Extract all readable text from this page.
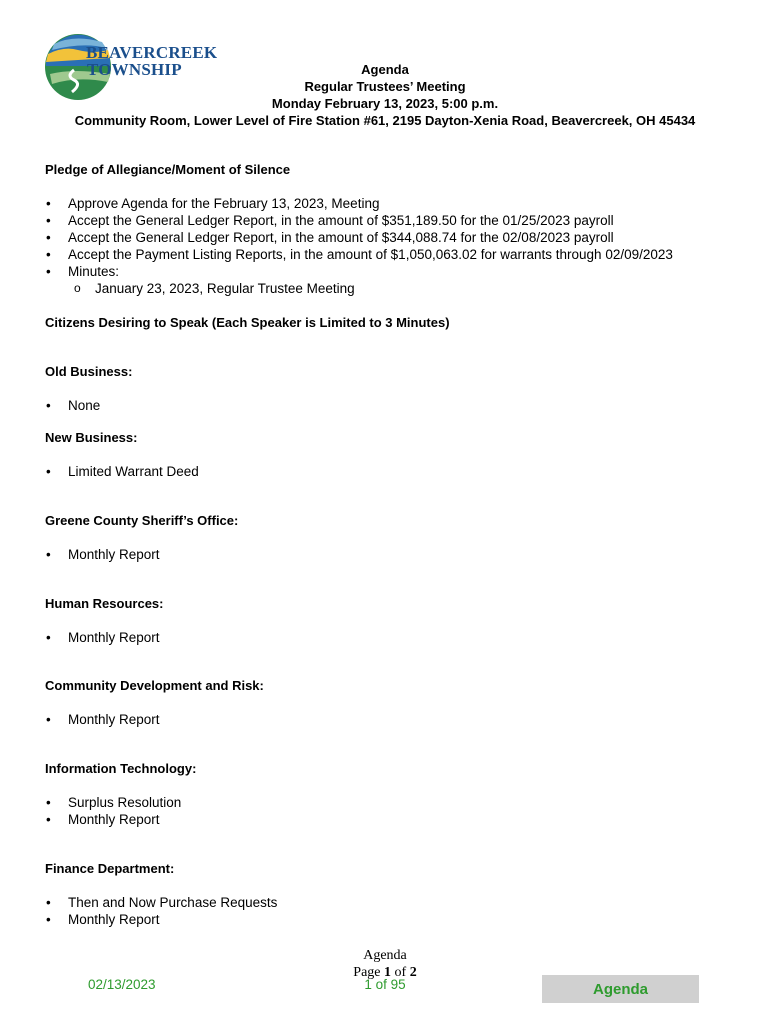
BEAVERCREEK
TOWNSHIP	Agenda
Regular Trustees’ Meeting
Monday February 13, 2023, 5:00 p.m.
Community Room, Lower Level of Fire Station #61, 2195 Dayton-Xenia Road, Beavercreek, OH 45434
Pledge of Allegiance/Moment of Silence
• Approve Agenda for the February 13, 2023, Meeting
• Accept the General Ledger Report, in the amount of $351,189.50 for the 01/25/2023 payroll
• Accept the General Ledger Report, in the amount of $344,088.74 for the 02/08/2023 payroll
• Accept the Payment Listing Reports, in the amount of $1,050,063.02 for warrants through 02/09/2023
• Minutes:
o January 23, 2023, Regular Trustee Meeting
Citizens Desiring to Speak (Each Speaker is Limited to 3 Minutes)
Old Business:
• None
New Business:
• Limited Warrant Deed
Greene County Sheriff’s Office:
• Monthly Report
Human Resources:
• Monthly Report
Community Development and Risk:
• Monthly Report
Information Technology:
• Surplus Resolution
• Monthly Report
Finance Department:
• Then and Now Purchase Requests
• Monthly Report
Agenda
Page 1 of 2
02/13/2023	1 of 95	Agenda
